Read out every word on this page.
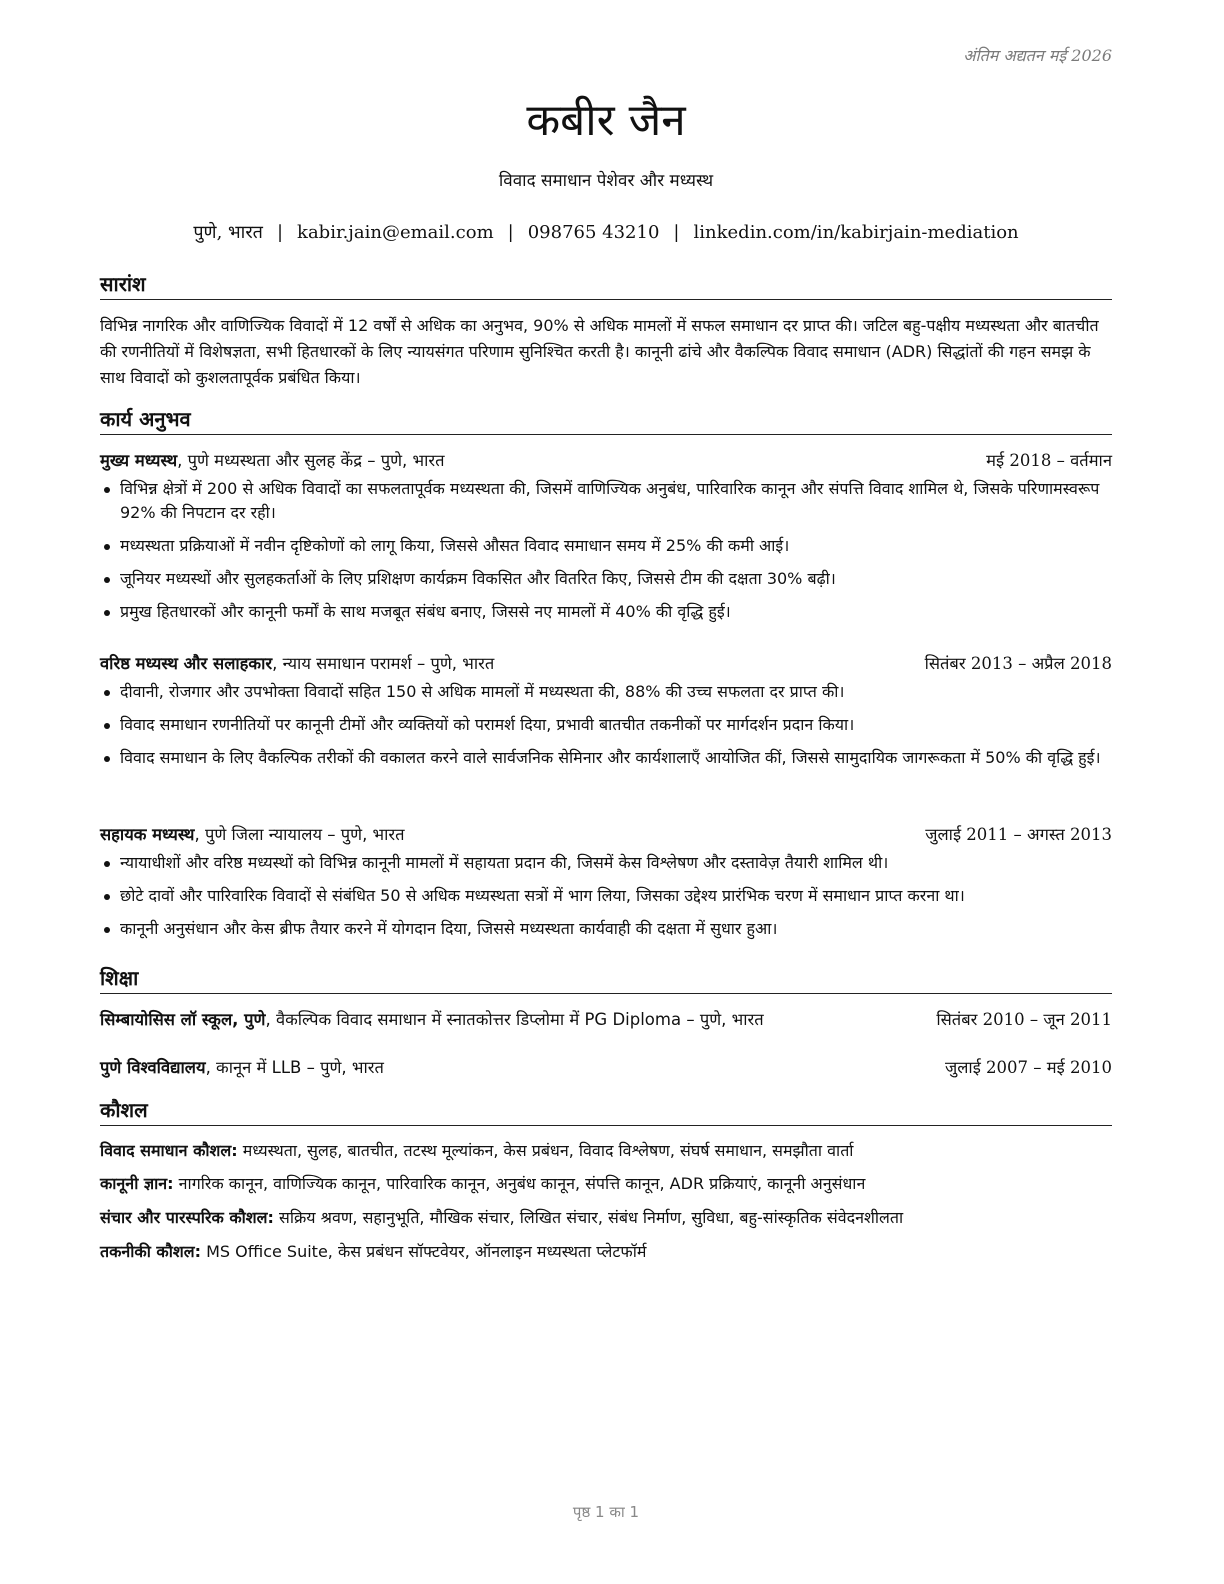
अंतिम अद्यतन मई 2026
कबीर जैन
विवाद समाधान पेशेवर और मध्यस्थ
पुणे, भारत | kabir.jain@email.com | 098765 43210 | linkedin.com/in/kabirjain-mediation
सारांश
विभिन्न नागरिक और वाणिज्यिक विवादों में 12 वर्षों से अधिक का अनुभव, 90% से अधिक मामलों में सफल समाधान दर प्राप्त की। जटिल बहु-पक्षीय मध्यस्थता और बातचीत की रणनीतियों में विशेषज्ञता, सभी हितधारकों के लिए न्यायसंगत परिणाम सुनिश्चित करती है। कानूनी ढांचे और वैकल्पिक विवाद समाधान (ADR) सिद्धांतों की गहन समझ के साथ विवादों को कुशलतापूर्वक प्रबंधित किया।
कार्य अनुभव
मुख्य मध्यस्थ, पुणे मध्यस्थता और सुलह केंद्र – पुणे, भारत	मई 2018 – वर्तमान
विभिन्न क्षेत्रों में 200 से अधिक विवादों का सफलतापूर्वक मध्यस्थता की, जिसमें वाणिज्यिक अनुबंध, पारिवारिक कानून और संपत्ति विवाद शामिल थे, जिसके परिणामस्वरूप 92% की निपटान दर रही।
मध्यस्थता प्रक्रियाओं में नवीन दृष्टिकोणों को लागू किया, जिससे औसत विवाद समाधान समय में 25% की कमी आई।
जूनियर मध्यस्थों और सुलहकर्ताओं के लिए प्रशिक्षण कार्यक्रम विकसित और वितरित किए, जिससे टीम की दक्षता 30% बढ़ी।
प्रमुख हितधारकों और कानूनी फर्मों के साथ मजबूत संबंध बनाए, जिससे नए मामलों में 40% की वृद्धि हुई।
वरिष्ठ मध्यस्थ और सलाहकार, न्याय समाधान परामर्श – पुणे, भारत	सितंबर 2013 – अप्रैल 2018
दीवानी, रोजगार और उपभोक्ता विवादों सहित 150 से अधिक मामलों में मध्यस्थता की, 88% की उच्च सफलता दर प्राप्त की।
विवाद समाधान रणनीतियों पर कानूनी टीमों और व्यक्तियों को परामर्श दिया, प्रभावी बातचीत तकनीकों पर मार्गदर्शन प्रदान किया।
विवाद समाधान के लिए वैकल्पिक तरीकों की वकालत करने वाले सार्वजनिक सेमिनार और कार्यशालाएँ आयोजित कीं, जिससे सामुदायिक जागरूकता में 50% की वृद्धि हुई।
सहायक मध्यस्थ, पुणे जिला न्यायालय – पुणे, भारत	जुलाई 2011 – अगस्त 2013
न्यायाधीशों और वरिष्ठ मध्यस्थों को विभिन्न कानूनी मामलों में सहायता प्रदान की, जिसमें केस विश्लेषण और दस्तावेज़ तैयारी शामिल थी।
छोटे दावों और पारिवारिक विवादों से संबंधित 50 से अधिक मध्यस्थता सत्रों में भाग लिया, जिसका उद्देश्य प्रारंभिक चरण में समाधान प्राप्त करना था।
कानूनी अनुसंधान और केस ब्रीफ तैयार करने में योगदान दिया, जिससे मध्यस्थता कार्यवाही की दक्षता में सुधार हुआ।
शिक्षा
सिम्बायोसिस लॉ स्कूल, पुणे, वैकल्पिक विवाद समाधान में स्नातकोत्तर डिप्लोमा में PG Diploma – पुणे, भारत	सितंबर 2010 – जून 2011
पुणे विश्वविद्यालय, कानून में LLB – पुणे, भारत	जुलाई 2007 – मई 2010
कौशल
विवाद समाधान कौशल: मध्यस्थता, सुलह, बातचीत, तटस्थ मूल्यांकन, केस प्रबंधन, विवाद विश्लेषण, संघर्ष समाधान, समझौता वार्ता
कानूनी ज्ञान: नागरिक कानून, वाणिज्यिक कानून, पारिवारिक कानून, अनुबंध कानून, संपत्ति कानून, ADR प्रक्रियाएं, कानूनी अनुसंधान
संचार और पारस्परिक कौशल: सक्रिय श्रवण, सहानुभूति, मौखिक संचार, लिखित संचार, संबंध निर्माण, सुविधा, बहु-सांस्कृतिक संवेदनशीलता
तकनीकी कौशल: MS Office Suite, केस प्रबंधन सॉफ्टवेयर, ऑनलाइन मध्यस्थता प्लेटफॉर्म
पृष्ठ 1 का 1
